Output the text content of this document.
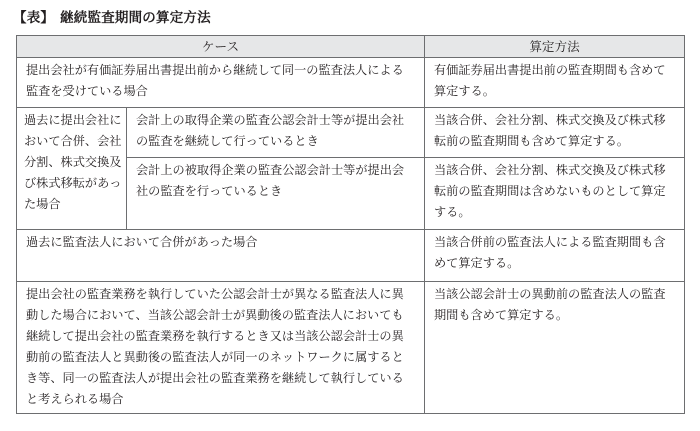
【表】 継続監査期間の算定方法
ケース		算定方法
提出会社が有価証券届出書提出前から継続して同一の監査法人による監査を受けている場合		有価証券届出書提出前の監査期間も含めて算定する。
過去に提出会社において合併、会社分割、株式交換及び株式移転があった場合	会計上の取得企業の監査公認会計士等が提出会社の監査を継続して行っているとき	当該合併、会社分割、株式交換及び株式移転前の監査期間も含めて算定する。
	会計上の被取得企業の監査公認会計士等が提出会社の監査を行っているとき	当該合併、会社分割、株式交換及び株式移転前の監査期間は含めないものとして算定する。
過去に監査法人において合併があった場合		当該合併前の監査法人による監査期間も含めて算定する。
提出会社の監査業務を執行していた公認会計士が異なる監査法人に異動した場合において、当該公認会計士が異動後の監査法人においても継続して提出会社の監査業務を執行するとき又は当該公認会計士の異動前の監査法人と異動後の監査法人が同一のネットワークに属するとき等、同一の監査法人が提出会社の監査業務を継続して執行していると考えられる場合		当該公認会計士の異動前の監査法人の監査期間も含めて算定する。
